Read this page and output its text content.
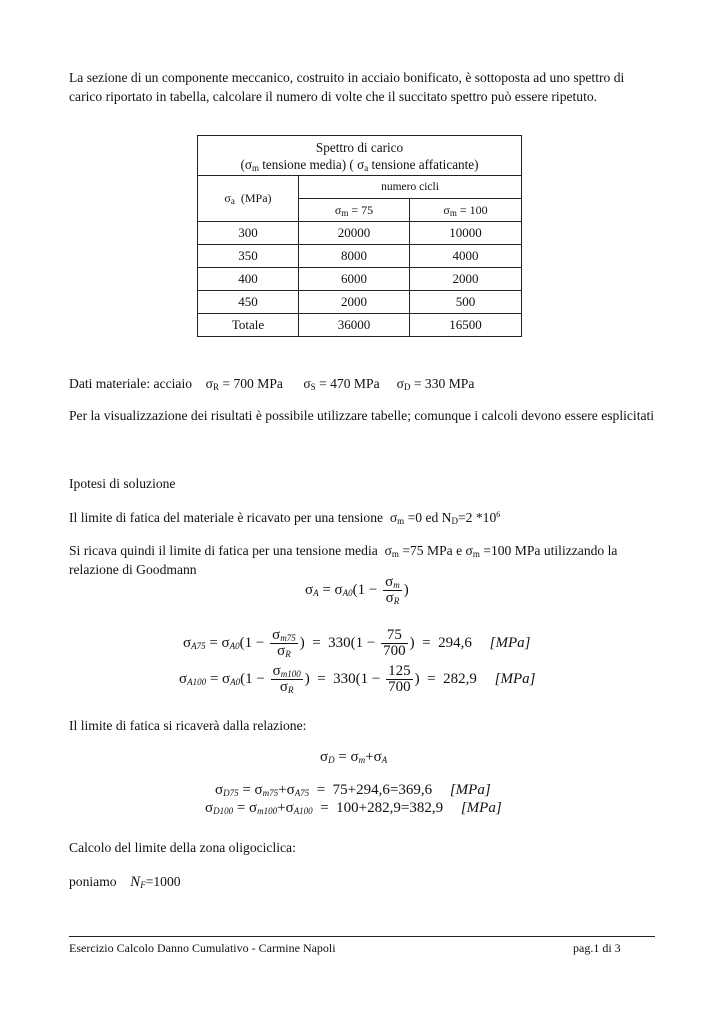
La sezione di un componente meccanico, costruito in acciaio bonificato, è sottoposta ad uno spettro di carico riportato in tabella, calcolare il numero di volte che il succitato spettro può essere ripetuto.
Spettro di carico
($\sigma_m$ tensione media) ( $\sigma_a$ tensione affaticante)		
$\sigma_a$ (MPa)	numero cicli	
	$\sigma_m = 75$	$\sigma_m = 100$
300	20000	10000
350	8000	4000
400	6000	2000
450	2000	500
Totale	36000	16500
Dati materiale: acciaio    $\sigma_R = 700$ MPa      $\sigma_S = 470$ MPa     $\sigma_D = 330$ MPa
Per la visualizzazione dei risultati è possibile utilizzare tabelle; comunque i calcoli devono essere esplicitati
Ipotesi di soluzione
Il limite di fatica del materiale è ricavato per una tensione  $\sigma_m =0$ ed $N_D=2$ $*10^6$
Si ricava quindi il limite di fatica per una tensione media  $\sigma_m =75$ MPa e $\sigma_m =100$ MPa utilizzando la relazione di Goodmann
$\sigma_A = \sigma_{A0}(1 - \frac{\sigma_m}{\sigma_R}$ )
$\sigma_{A75} = \sigma_{A0}(1 - \frac{\sigma_{m75}}{\sigma_R}$ )  =  $330(1 - \frac{75}{700}$ )  =  294,6 [MPa]
$\sigma_{A100} = \sigma_{A0}(1 - \frac{\sigma_{m100}}{\sigma_R}$ )  =  $330(1 - \frac{125}{700}$ )  =  282,9 [MPa]
Il limite di fatica si ricaverà dalla relazione:
$\sigma_D = \sigma_m+\sigma_A$
$\sigma_{D75} = \sigma_{m75}+\sigma_{A75} = 75+294,6=369,6$ [MPa]
$\sigma_{D100} = \sigma_{m100}+\sigma_{A100} = 100+282,9=382,9$ [MPa]
Calcolo del limite della zona oligociclica:
poniamo $N_F=1000$
Esercizio Calcolo Danno Cumulativo - Carmine Napoli	pag.1 di 3
